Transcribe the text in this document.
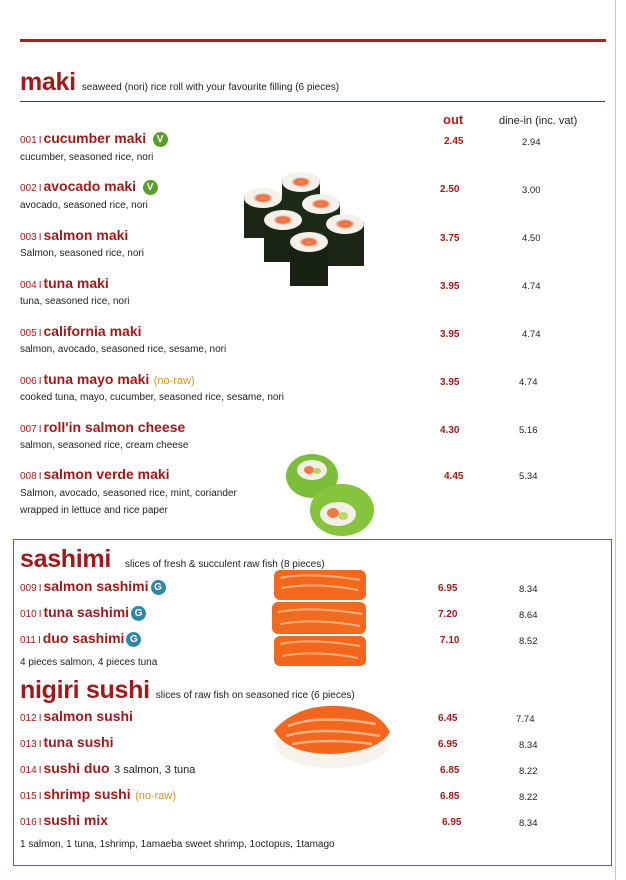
maki seaweed (nori) rice roll with your favourite filling (6 pieces)
out	dine-in (inc. vat)
001 I cucumber maki V
cucumber, seasoned rice, nori
2.45	2.94
002 I avocado maki V
avocado, seasoned rice, nori
2.50	3.00
003 I salmon maki
Salmon, seasoned rice, nori
3.75	4.50
004 I tuna maki
tuna, seasoned rice, nori
3.95	4.74
005 I california maki
salmon, avocado, seasoned rice, sesame, nori
3.95	4.74
006 I tuna mayo maki (no-raw)
cooked tuna, mayo, cucumber, seasoned rice, sesame, nori
3.95	4.74
007 I roll'in salmon cheese
salmon, seasoned rice, cream cheese
4.30	5.16
008 I salmon verde maki
Salmon, avocado, seasoned rice, mint, coriander
wrapped in lettuce and rice paper
4.45	5.34
sashimi slices of fresh & succulent raw fish (8 pieces)
009 I salmon sashimi G	6.95	8.34
010 I tuna sashimi G	7.20	8.64
011 I duo sashimi G	7.10	8.52
4 pieces salmon, 4 pieces tuna
nigiri sushi slices of raw fish on seasoned rice (6 pieces)
012 I salmon sushi	6.45	7.74
013 I tuna sushi	6.95	8.34
014 I sushi duo 3 salmon, 3 tuna	6.85	8.22
015 I shrimp sushi (no-raw)	6.85	8.22
016 I sushi mix	6.95	8.34
1 salmon, 1 tuna, 1shrimp, 1amaeba sweet shrimp, 1octopus, 1tamago
